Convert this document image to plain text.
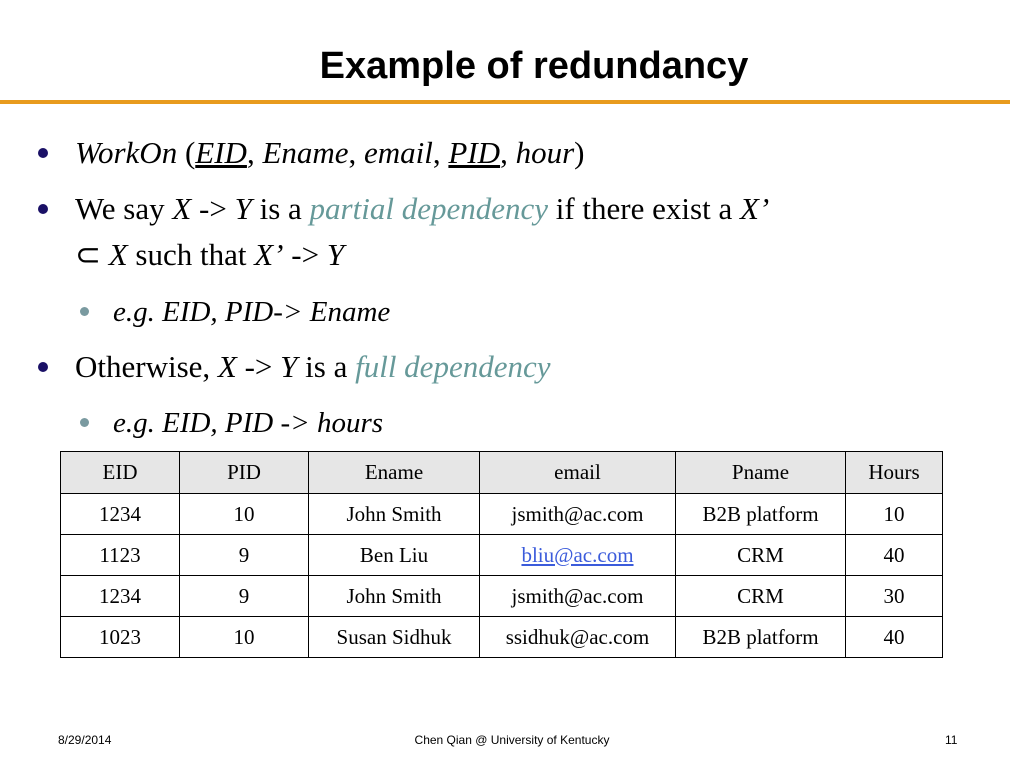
Example of redundancy
WorkOn (EID, Ename, email, PID, hour)
We say X -> Y is a partial dependency if there exist a X’
⊂ X such that X’ -> Y
e.g. EID, PID-> Ename
Otherwise, X -> Y is a full dependency
e.g. EID, PID -> hours
EID	PID	Ename	email	Pname	Hours
1234	10	John Smith	jsmith@ac.com	B2B platform	10
1123	9	Ben Liu	bliu@ac.com	CRM	40
1234	9	John Smith	jsmith@ac.com	CRM	30
1023	10	Susan Sidhuk	ssidhuk@ac.com	B2B platform	40
8/29/2014	Chen Qian @ University of Kentucky	11
